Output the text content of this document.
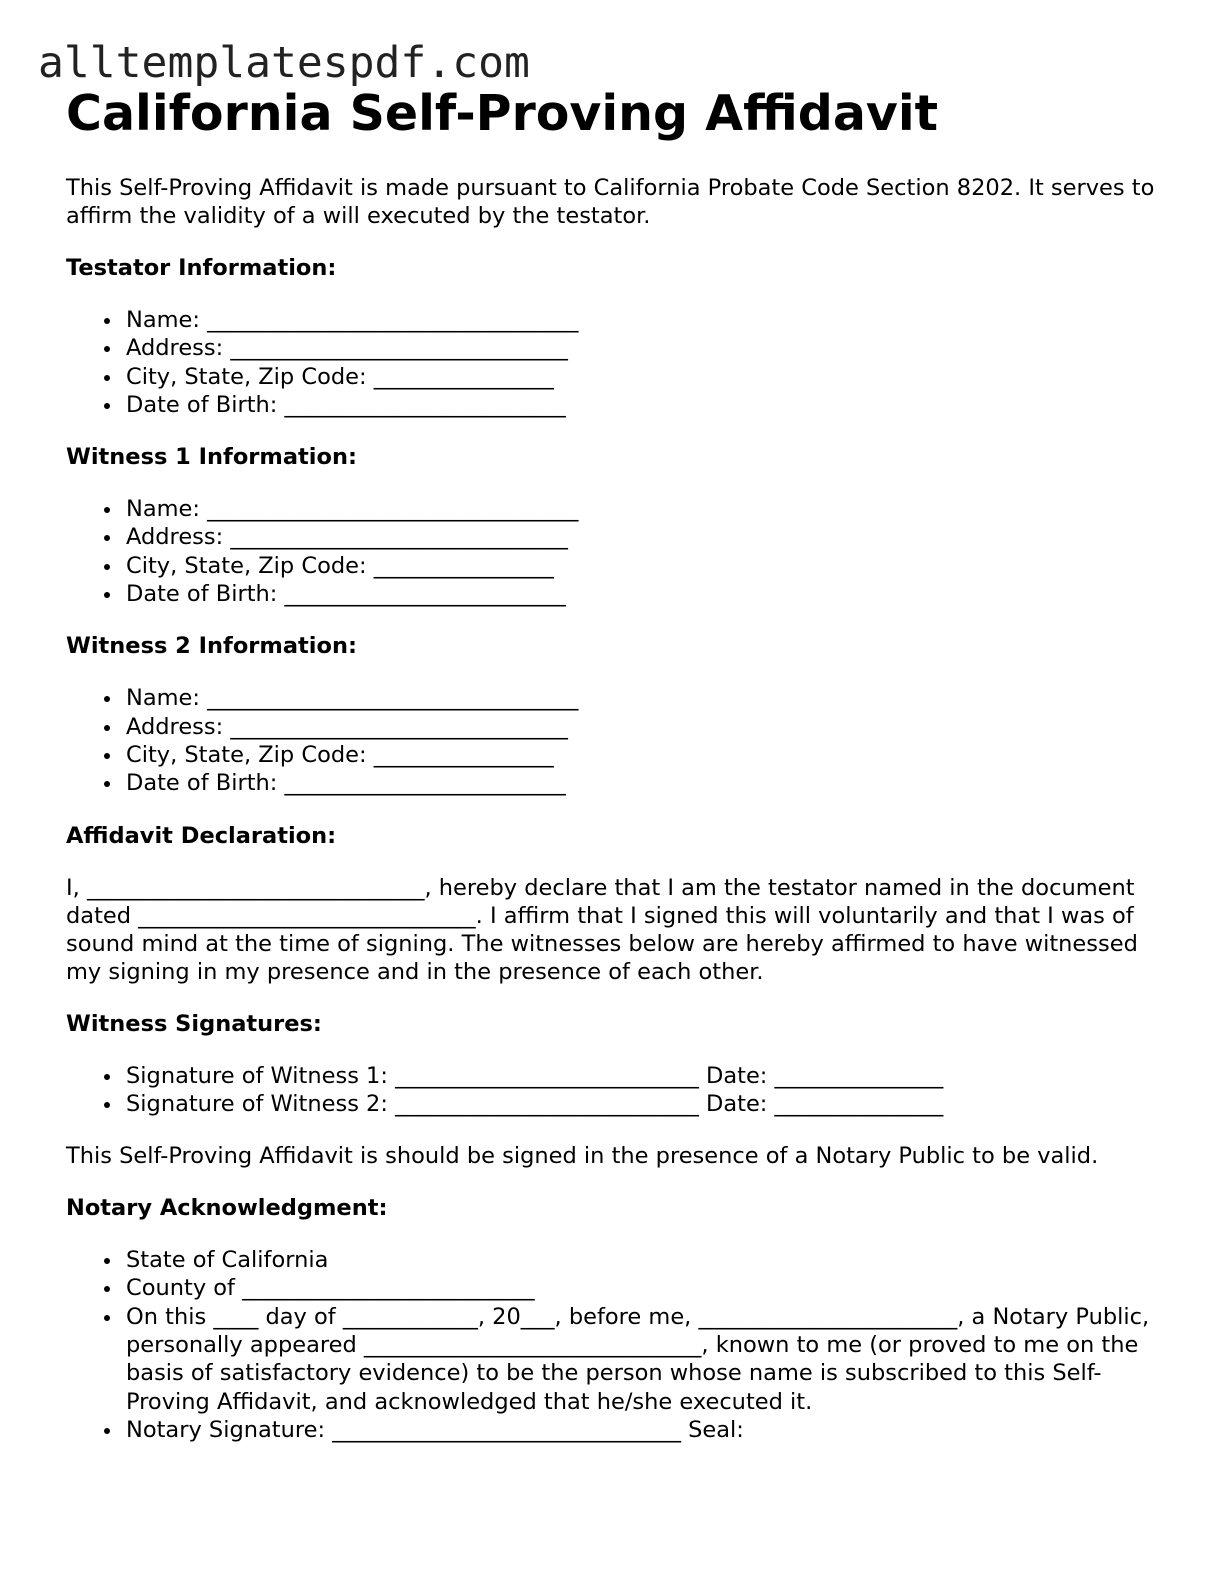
alltemplatespdf.com
California Self-Proving Affidavit

This Self-Proving Affidavit is made pursuant to California Probate Code Section 8202. It serves to affirm the validity of a will executed by the testator.

Testator Information:
Name: _________________________________
Address: ______________________________
City, State, Zip Code: ________________
Date of Birth: _________________________
Witness 1 Information:
Name: _________________________________
Address: ______________________________
City, State, Zip Code: ________________
Date of Birth: _________________________
Witness 2 Information:
Name: _________________________________
Address: ______________________________
City, State, Zip Code: ________________
Date of Birth: _________________________
Affidavit Declaration:

I, ______________________________, hereby declare that I am the testator named in the document dated ______________________________. I affirm that I signed this will voluntarily and that I was of sound mind at the time of signing. The witnesses below are hereby affirmed to have witnessed my signing in my presence and in the presence of each other.

Witness Signatures:
Signature of Witness 1: ___________________________ Date: _______________
Signature of Witness 2: ___________________________ Date: _______________

This Self-Proving Affidavit is should be signed in the presence of a Notary Public to be valid.

Notary Acknowledgment:
State of California
County of __________________________
On this ____ day of ____________, 20___, before me, _______________________, a Notary Public, personally appeared ______________________________, known to me (or proved to me on the basis of satisfactory evidence) to be the person whose name is subscribed to this Self-Proving Affidavit, and acknowledged that he/she executed it.
Notary Signature: _______________________________ Seal:
